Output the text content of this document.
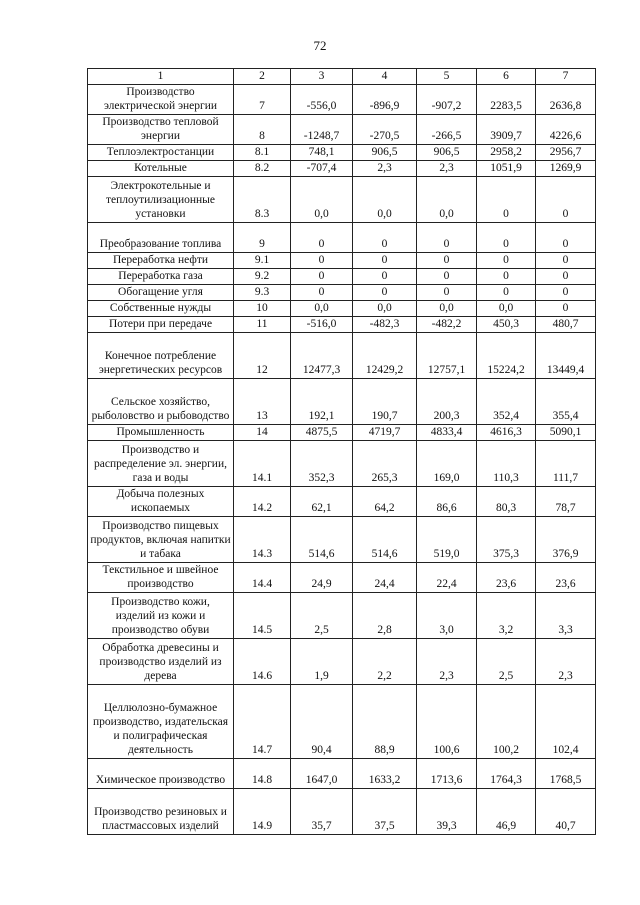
72
1	2	3	4	5	6	7
Производство электрической энергии	7	-556,0	-896,9	-907,2	2283,5	2636,8
Производство тепловой энергии	8	-1248,7	-270,5	-266,5	3909,7	4226,6
Теплоэлектростанции	8.1	748,1	906,5	906,5	2958,2	2956,7
Котельные	8.2	-707,4	2,3	2,3	1051,9	1269,9
Электрокотельные и теплоутилизационные установки	8.3	0,0	0,0	0,0	0	0
Преобразование топлива	9	0	0	0	0	0
Переработка нефти	9.1	0	0	0	0	0
Переработка газа	9.2	0	0	0	0	0
Обогащение угля	9.3	0	0	0	0	0
Собственные нужды	10	0,0	0,0	0,0	0,0	0
Потери при передаче	11	-516,0	-482,3	-482,2	450,3	480,7
Конечное потребление энергетических ресурсов	12	12477,3	12429,2	12757,1	15224,2	13449,4
Сельское хозяйство, рыболовство и рыбоводство	13	192,1	190,7	200,3	352,4	355,4
Промышленность	14	4875,5	4719,7	4833,4	4616,3	5090,1
Производство и распределение эл. энергии, газа и воды	14.1	352,3	265,3	169,0	110,3	111,7
Добыча полезных ископаемых	14.2	62,1	64,2	86,6	80,3	78,7
Производство пищевых продуктов, включая напитки и табака	14.3	514,6	514,6	519,0	375,3	376,9
Текстильное и швейное производство	14.4	24,9	24,4	22,4	23,6	23,6
Производство кожи, изделий из кожи и производство обуви	14.5	2,5	2,8	3,0	3,2	3,3
Обработка древесины и производство изделий из дерева	14.6	1,9	2,2	2,3	2,5	2,3
Целлюлозно-бумажное производство, издательская и полиграфическая деятельность	14.7	90,4	88,9	100,6	100,2	102,4
Химическое производство	14.8	1647,0	1633,2	1713,6	1764,3	1768,5
Производство резиновых и пластмассовых изделий	14.9	35,7	37,5	39,3	46,9	40,7
